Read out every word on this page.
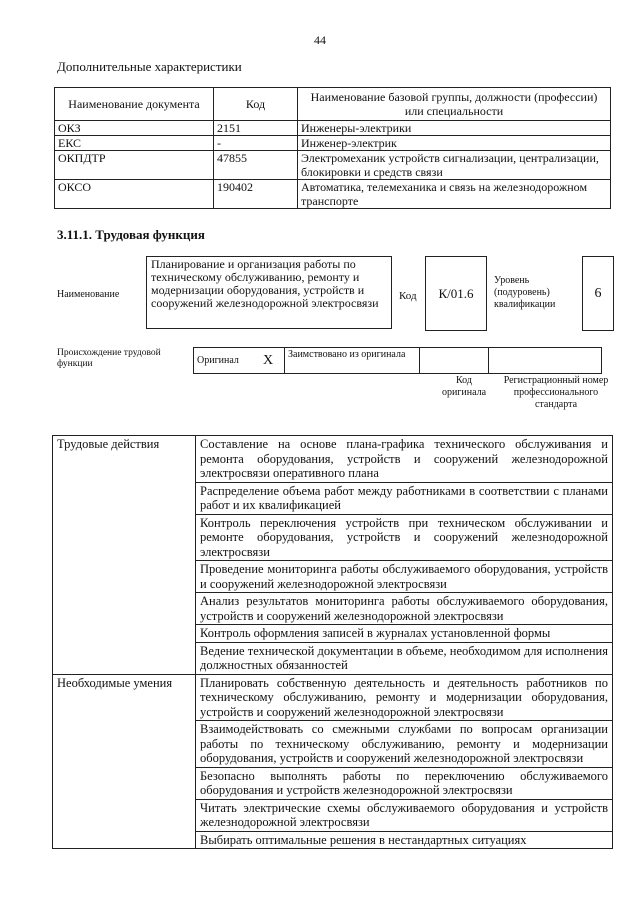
44
Дополнительные характеристики
Наименование документа	Код	Наименование базовой группы, должности (профессии) или специальности
ОКЗ	2151	Инженеры-электрики
ЕКС	-	Инженер-электрик
ОКПДТР	47855	Электромеханик устройств сигнализации, централизации, блокировки и средств связи
ОКСО	190402	Автоматика, телемеханика и связь на железнодорожном транспорте
3.11.1. Трудовая функция
Наименование
Планирование и организация работы по техническому обслуживанию, ремонту и модернизации оборудования, устройств и сооружений железнодорожной электросвязи	Код	К/01.6
Уровень (подуровень) квалификации
6
Происхождение трудовой функции	Оригинал	X	Заимствовано из оригинала		
Код оригинала
Регистрационный номер профессионального стандарта
Трудовые действия	Составление на основе плана-графика технического обслуживания и ремонта оборудования, устройств и сооружений железнодорожной электросвязи оперативного плана
	Распределение объема работ между работниками в соответствии с планами работ и их квалификацией
	Контроль переключения устройств при техническом обслуживании и ремонте оборудования, устройств и сооружений железнодорожной электросвязи
	Проведение мониторинга работы обслуживаемого оборудования, устройств и сооружений железнодорожной электросвязи
	Анализ результатов мониторинга работы обслуживаемого оборудования, устройств и сооружений железнодорожной электросвязи
	Контроль оформления записей в журналах установленной формы
	Ведение технической документации в объеме, необходимом для исполнения должностных обязанностей
Необходимые умения	Планировать собственную деятельность и деятельность работников по техническому обслуживанию, ремонту и модернизации оборудования, устройств и сооружений железнодорожной электросвязи
	Взаимодействовать со смежными службами по вопросам организации работы по техническому обслуживанию, ремонту и модернизации оборудования, устройств и сооружений железнодорожной электросвязи
	Безопасно выполнять работы по переключению обслуживаемого оборудования и устройств железнодорожной электросвязи
	Читать электрические схемы обслуживаемого оборудования и устройств железнодорожной электросвязи
	Выбирать оптимальные решения в нестандартных ситуациях
